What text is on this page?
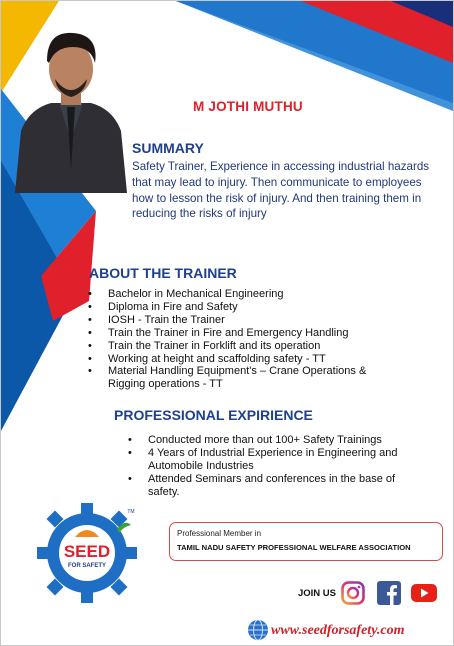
M JOTHI MUTHU
SUMMARY
Safety Trainer, Experience in accessing industrial hazards that may lead to injury. Then communicate to employees how to lesson the risk of injury. And then training them in reducing the risks of injury
ABOUT THE TRAINER
• Bachelor in Mechanical Engineering
• Diploma in Fire and Safety
• IOSH - Train the Trainer
• Train the Trainer in Fire and Emergency Handling
• Train the Trainer in Forklift and its operation
• Working at height and scaffolding safety - TT
• Material Handling Equipment's – Crane Operations & Rigging operations - TT
PROFESSIONAL EXPIRIENCE
• Conducted more than out 100+ Safety Trainings
• 4 Years of Industrial Experience in Engineering and Automobile Industries
• Attended Seminars and conferences in the base of safety.
SEED
FOR SAFETY
TM
Professional Member in
TAMIL NADU SAFETY PROFESSIONAL WELFARE ASSOCIATION
JOIN US
www.seedforsafety.com
